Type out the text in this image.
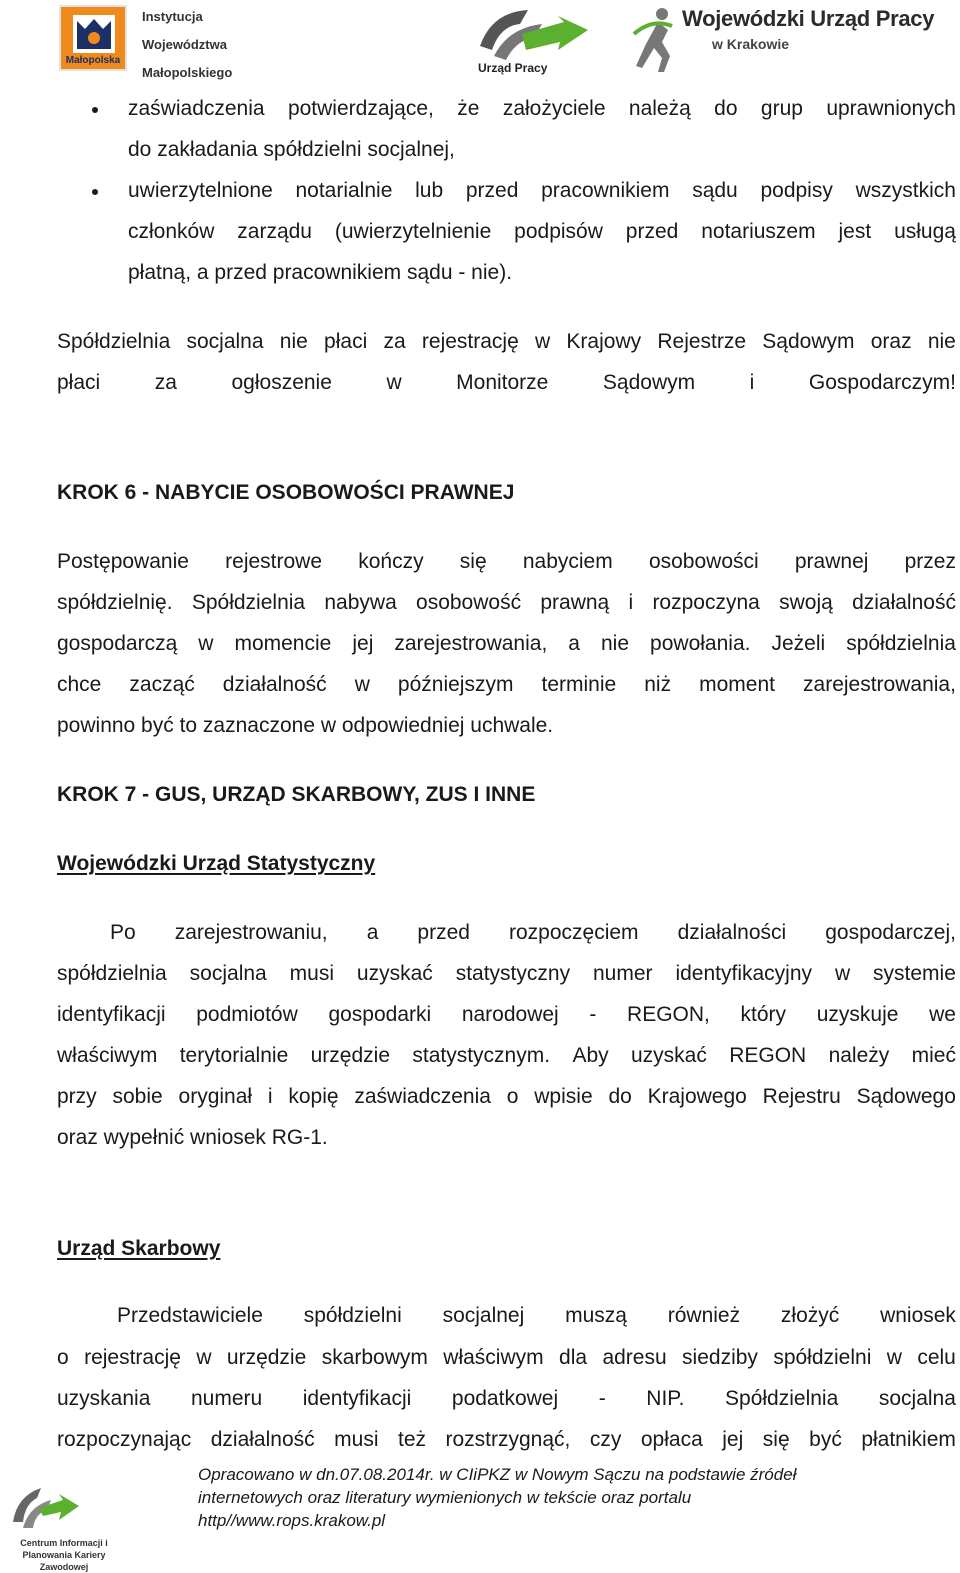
Małopolska
Instytucja
Województwa
Małopolskiego	Urząd Pracy
Wojewódzki Urząd Pracy
w Krakowie
zaświadczenia potwierdzające, że założyciele należą do grup uprawnionych
do zakładania spółdzielni socjalnej,
uwierzytelnione notarialnie lub przed pracownikiem sądu podpisy wszystkich
członków zarządu (uwierzytelnienie podpisów przed notariuszem jest usługą
płatną, a przed pracownikiem sądu - nie).
Spółdzielnia socjalna nie płaci za rejestrację w Krajowy Rejestrze Sądowym oraz nie
płaci	za	ogłoszenie	w	Monitorze	Sądowym	i	Gospodarczym!
KROK 6 - NABYCIE OSOBOWOŚCI PRAWNEJ
Postępowanie rejestrowe kończy się nabyciem osobowości prawnej przez
spółdzielnię. Spółdzielnia nabywa osobowość prawną i rozpoczyna swoją działalność
gospodarczą w momencie jej zarejestrowania, a nie powołania. Jeżeli spółdzielnia
chce zacząć działalność w późniejszym terminie niż moment zarejestrowania,
powinno być to zaznaczone w odpowiedniej uchwale.
KROK 7 - GUS, URZĄD SKARBOWY, ZUS I INNE
Wojewódzki Urząd Statystyczny
Po zarejestrowaniu, a przed rozpoczęciem działalności gospodarczej,
spółdzielnia socjalna musi uzyskać statystyczny numer identyfikacyjny w systemie
identyfikacji podmiotów gospodarki narodowej - REGON, który uzyskuje we
właściwym terytorialnie urzędzie statystycznym. Aby uzyskać REGON należy mieć
przy sobie oryginał i kopię zaświadczenia o wpisie do Krajowego Rejestru Sądowego
oraz wypełnić wniosek RG-1.
Urząd Skarbowy
Przedstawiciele spółdzielni socjalnej muszą również złożyć wniosek
o rejestrację w urzędzie skarbowym właściwym dla adresu siedziby spółdzielni w celu
uzyskania numeru identyfikacji podatkowej - NIP. Spółdzielnia socjalna
rozpoczynając działalność musi też rozstrzygnąć, czy opłaca jej się być płatnikiem
Centrum Informacji i Planowania Kariery Zawodowej
Opracowano w dn.07.08.2014r. w CIiPKZ w Nowym Sączu na podstawie źródeł
internetowych oraz literatury wymienionych w tekście oraz portalu
http//www.rops.krakow.pl
